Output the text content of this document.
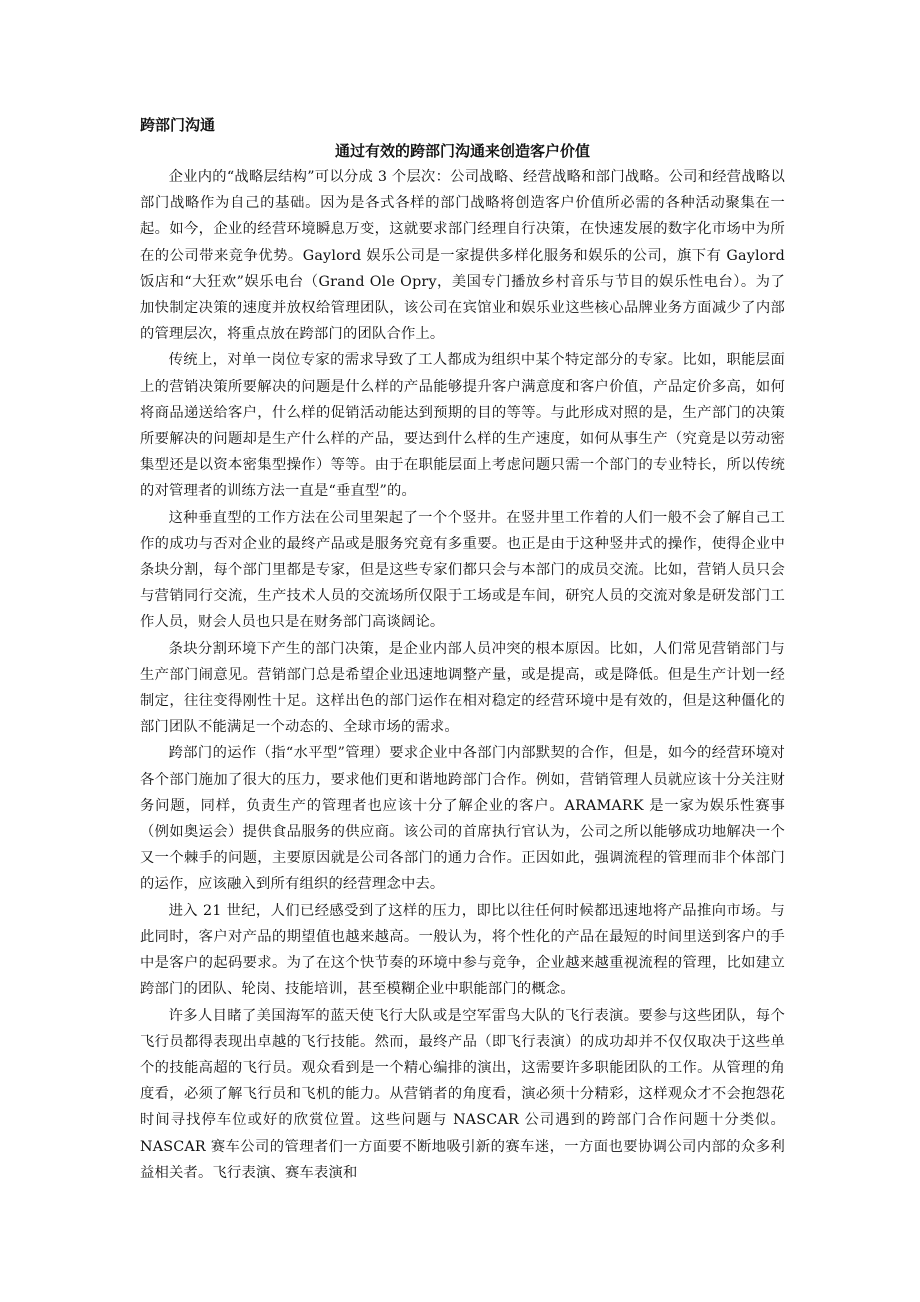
跨部门沟通

通过有效的跨部门沟通来创造客户价值

企业内的“战略层结构”可以分成 3 个层次：公司战略、经营战略和部门战略。公司和经营战略以部门战略作为自己的基础。因为是各式各样的部门战略将创造客户价值所必需的各种活动聚集在一起。如今，企业的经营环境瞬息万变，这就要求部门经理自行决策，在快速发展的数字化市场中为所在的公司带来竞争优势。Gaylord 娱乐公司是一家提供多样化服务和娱乐的公司，旗下有 Gaylord 饭店和“大狂欢”娱乐电台（Grand Ole Opry，美国专门播放乡村音乐与节目的娱乐性电台）。为了加快制定决策的速度并放权给管理团队，该公司在宾馆业和娱乐业这些核心品牌业务方面减少了内部的管理层次，将重点放在跨部门的团队合作上。

传统上，对单一岗位专家的需求导致了工人都成为组织中某个特定部分的专家。比如，职能层面上的营销决策所要解决的问题是什么样的产品能够提升客户满意度和客户价值，产品定价多高，如何将商品递送给客户，什么样的促销活动能达到预期的目的等等。与此形成对照的是，生产部门的决策所要解决的问题却是生产什么样的产品，要达到什么样的生产速度，如何从事生产（究竟是以劳动密集型还是以资本密集型操作）等等。由于在职能层面上考虑问题只需一个部门的专业特长，所以传统的对管理者的训练方法一直是“垂直型”的。

这种垂直型的工作方法在公司里架起了一个个竖井。在竖井里工作着的人们一般不会了解自己工作的成功与否对企业的最终产品或是服务究竟有多重要。也正是由于这种竖井式的操作，使得企业中条块分割，每个部门里都是专家，但是这些专家们都只会与本部门的成员交流。比如，营销人员只会与营销同行交流，生产技术人员的交流场所仅限于工场或是车间，研究人员的交流对象是研发部门工作人员，财会人员也只是在财务部门高谈阔论。

条块分割环境下产生的部门决策，是企业内部人员冲突的根本原因。比如，人们常见营销部门与生产部门闹意见。营销部门总是希望企业迅速地调整产量，或是提高，或是降低。但是生产计划一经制定，往往变得刚性十足。这样出色的部门运作在相对稳定的经营环境中是有效的，但是这种僵化的部门团队不能满足一个动态的、全球市场的需求。

跨部门的运作（指“水平型”管理）要求企业中各部门内部默契的合作，但是，如今的经营环境对各个部门施加了很大的压力，要求他们更和谐地跨部门合作。例如，营销管理人员就应该十分关注财务问题，同样，负责生产的管理者也应该十分了解企业的客户。ARAMARK 是一家为娱乐性赛事（例如奥运会）提供食品服务的供应商。该公司的首席执行官认为，公司之所以能够成功地解决一个又一个棘手的问题，主要原因就是公司各部门的通力合作。正因如此，强调流程的管理而非个体部门的运作，应该融入到所有组织的经营理念中去。

进入 21 世纪，人们已经感受到了这样的压力，即比以往任何时候都迅速地将产品推向市场。与此同时，客户对产品的期望值也越来越高。一般认为，将个性化的产品在最短的时间里送到客户的手中是客户的起码要求。为了在这个快节奏的环境中参与竞争，企业越来越重视流程的管理，比如建立跨部门的团队、轮岗、技能培训，甚至模糊企业中职能部门的概念。

许多人目睹了美国海军的蓝天使飞行大队或是空军雷鸟大队的飞行表演。要参与这些团队，每个飞行员都得表现出卓越的飞行技能。然而，最终产品（即飞行表演）的成功却并不仅仅取决于这些单个的技能高超的飞行员。观众看到是一个精心编排的演出，这需要许多职能团队的工作。从管理的角度看，必须了解飞行员和飞机的能力。从营销者的角度看，演必须十分精彩，这样观众才不会抱怨花时间寻找停车位或好的欣赏位置。这些问题与 NASCAR 公司遇到的跨部门合作问题十分类似。NASCAR 赛车公司的管理者们一方面要不断地吸引新的赛车迷，一方面也要协调公司内部的众多利益相关者。飞行表演、赛车表演和
